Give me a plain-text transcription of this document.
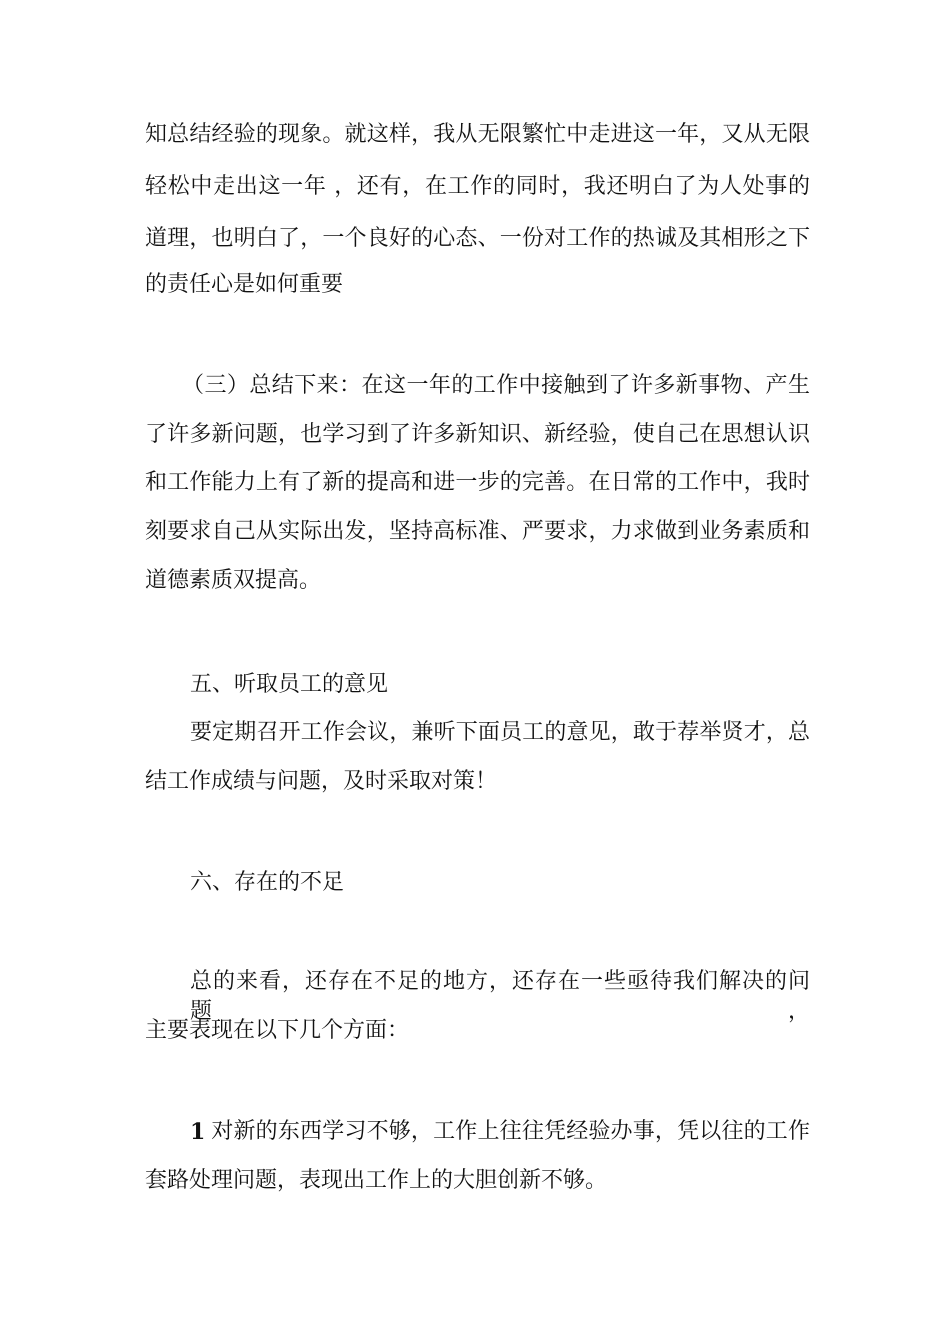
知总结经验的现象。就这样，我从无限繁忙中走进这一年，又从无限
轻松中走出这一年 ，还有，在工作的同时，我还明白了为人处事的
道理，也明白了，一个良好的心态、一份对工作的热诚及其相形之下
的责任心是如何重要
（三）总结下来：在这一年的工作中接触到了许多新事物、产生
了许多新问题，也学习到了许多新知识、新经验，使自己在思想认识
和工作能力上有了新的提高和进一步的完善。在日常的工作中，我时
刻要求自己从实际出发，坚持高标准、严要求，力求做到业务素质和
道德素质双提高。
五、听取员工的意见
要定期召开工作会议，兼听下面员工的意见，敢于荐举贤才，总
结工作成绩与问题，及时采取对策！
六、存在的不足
总的来看，还存在不足的地方，还存在一些亟待我们解决的问题，
主要表现在以下几个方面：
1 对新的东西学习不够，工作上往往凭经验办事，凭以往的工作
套路处理问题，表现出工作上的大胆创新不够。
